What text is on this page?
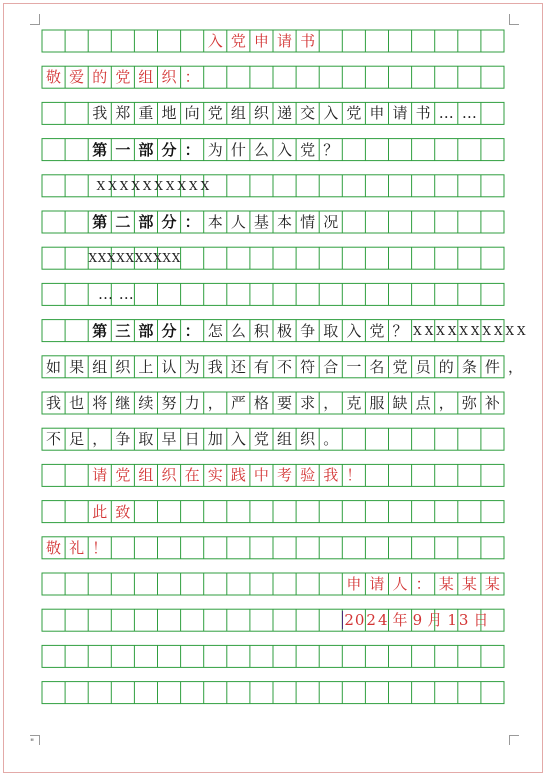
入 党 申 请 书
敬 爱 的 党 组 织 ：
我 郑 重 地 向 党 组 织 递 交 入 党 申 请 书 … …
第 一 部 分 ： 为 什 么 入 党 ？
X X X X X X X X X X
第 二 部 分 ： 本 人 基 本 情 况
X X X X X X X X X X
… …
第 三 部 分 ： 怎 么 积 极 争 取 入 党 ？ X X X X X X X X X X
如 果 组 织 上 认 为 我 还 有 不 符 合 一 名 党 员 的 条 件 ，
我 也 将 继 续 努 力 ， 严 格 要 求 ， 克 服 缺 点 ， 弥 补
不 足 ， 争 取 早 日 加 入 党 组 织 。
请 党 组 织 在 实 践 中 考 验 我 ！
此 致
敬 礼 ！
申 请 人 ： 某 某 某
2 0 2 4 年 9 月 1 3 日
"
